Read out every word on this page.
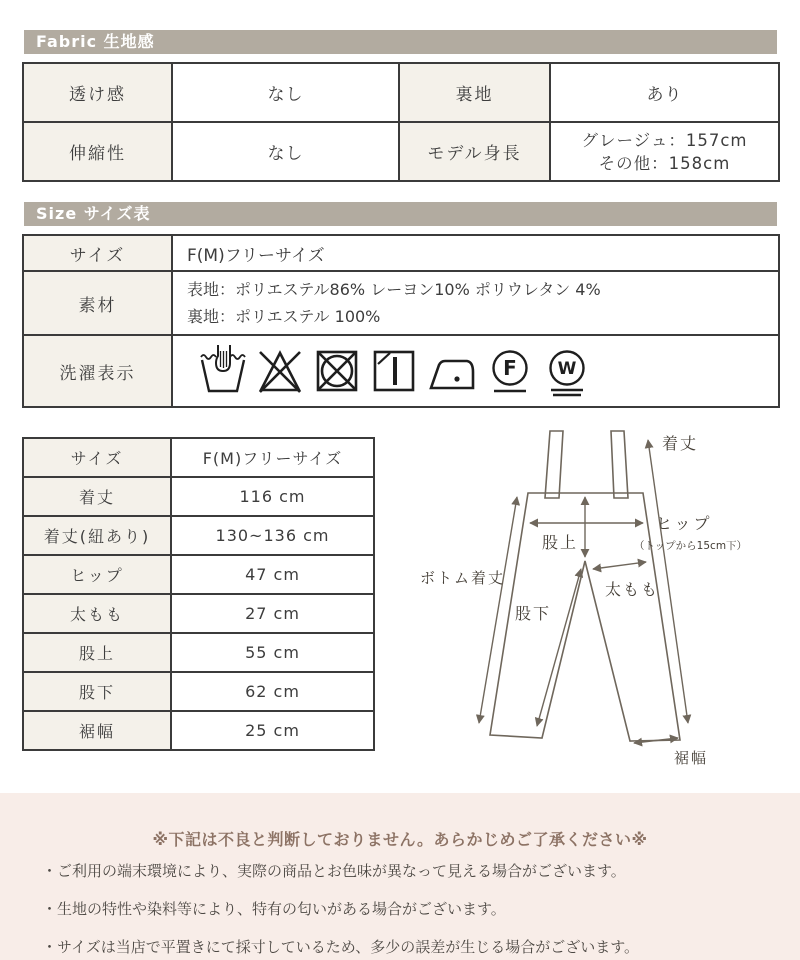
Fabric 生地感
透け感	なし	裏地	あり
伸縮性	なし	モデル身長	グレージュ：157cm
その他：158cm
Size サイズ表
サイズ	F(M)フリーサイズ
素材	表地：ポリエステル86% レーヨン10% ポリウレタン 4%
裏地：ポリエステル 100%

洗濯表示	F W
サイズ	F(M)フリーサイズ
着丈	116 cm
着丈(紐あり)	130~136 cm
ヒップ	47 cm
太もも	27 cm
股上	55 cm
股下	62 cm
裾幅	25 cm
着丈
ヒップ
（トップから15cm下）
股上
ボトム着丈
股下
太もも
裾幅
※下記は不良と判断しておりません。あらかじめご了承ください※
・ご利用の端末環境により、実際の商品とお色味が異なって見える場合がございます。
・生地の特性や染料等により、特有の匂いがある場合がございます。
・サイズは当店で平置きにて採寸しているため、多少の誤差が生じる場合がございます。
